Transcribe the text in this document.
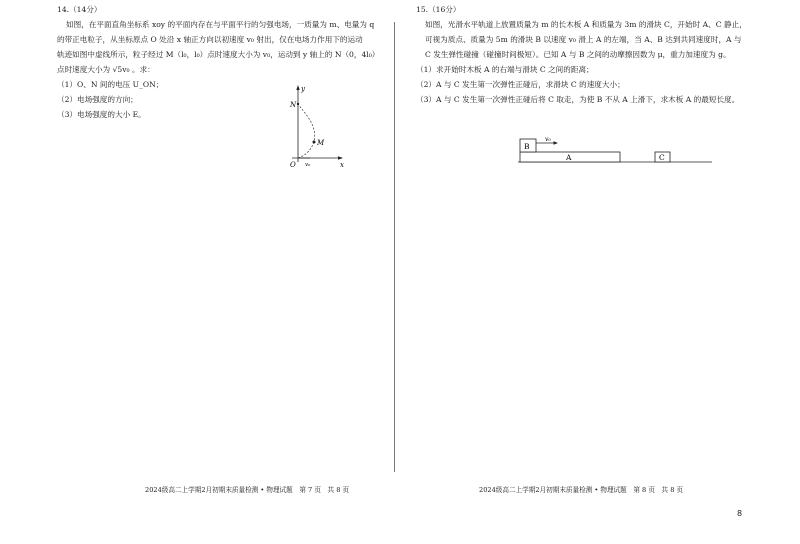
14.（14分）
如图，在平面直角坐标系 xoy 的平面内存在与平面平行的匀强电场，一质量为 m、电量为 q
的带正电粒子，从坐标原点 O 处沿 x 轴正方向以初速度 v₀ 射出，仅在电场力作用下的运动
轨迹如图中虚线所示，粒子经过 M（l₀，l₀）点时速度大小为 v₀，运动到 y 轴上的 N（0，4l₀）
点时速度大小为 √5v₀ 。求：
（1）O、N 间的电压 U_ON；
（2）电场强度的方向；
（3）电场强度的大小 E。
y
x
O
N
M
v₀
15.（16分）
如图，光滑水平轨道上放置质量为 m 的长木板 A 和质量为 3m 的滑块 C，开始时 A、C 静止，
可视为质点、质量为 5m 的滑块 B 以速度 v₀ 滑上 A 的左端，当 A、B 达到共同速度时，A 与
C 发生弹性碰撞（碰撞时间极短）。已知 A 与 B 之间的动摩擦因数为 μ，重力加速度为 g。
（1）求开始时木板 A 的右端与滑块 C 之间的距离；
（2）A 与 C 发生第一次弹性正碰后，求滑块 C 的速度大小；
（3）A 与 C 发生第一次弹性正碰后将 C 取走，为使 B 不从 A 上滑下，求木板 A 的最短长度。
B
A	C
v₀
2024级高二上学期2月初期末质量检测 • 物理试题　第 7 页　共 8 页	2024级高二上学期2月初期末质量检测 • 物理试题　第 8 页　共 8 页
8
